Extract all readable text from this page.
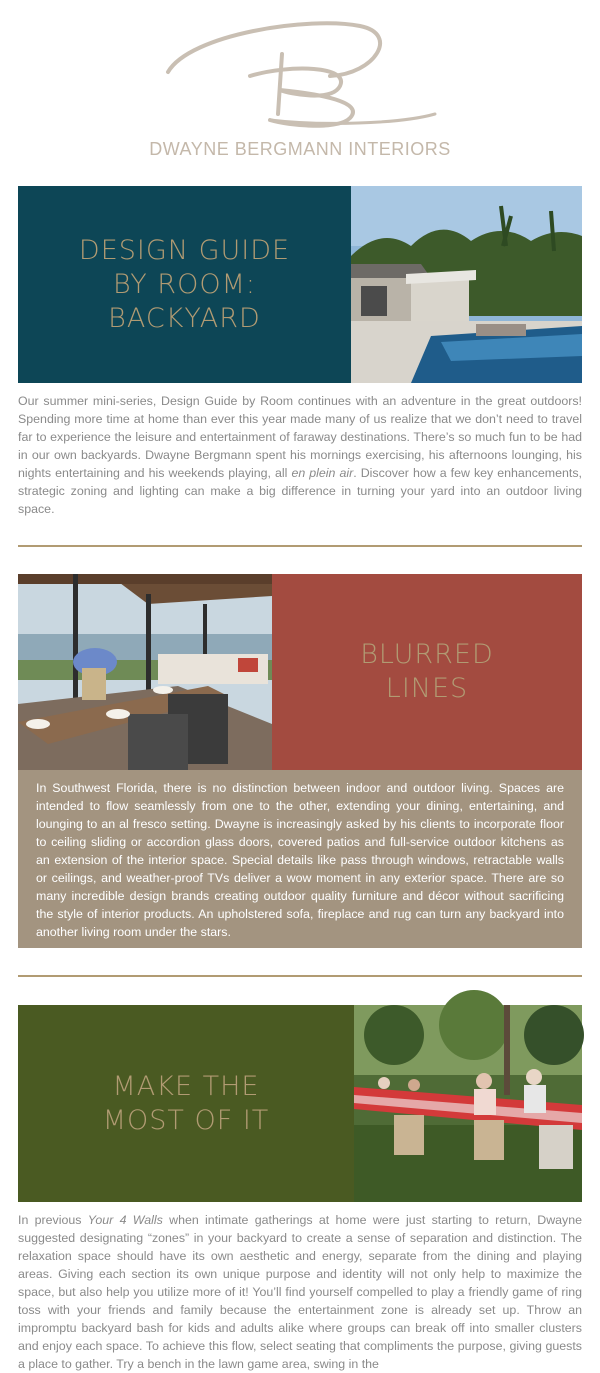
DWAYNE BERGMANN INTERIORS
DESIGN GUIDE
BY ROOM:
BACKYARD
Our summer mini-series, Design Guide by Room continues with an adventure in the great outdoors! Spending more time at home than ever this year made many of us realize that we don’t need to travel far to experience the leisure and entertainment of faraway destinations. There’s so much fun to be had in our own backyards. Dwayne Bergmann spent his mornings exercising, his afternoons lounging, his nights entertaining and his weekends playing, all en plein air. Discover how a few key enhancements, strategic zoning and lighting can make a big difference in turning your yard into an outdoor living space.
BLURRED
LINES
In Southwest Florida, there is no distinction between indoor and outdoor living. Spaces are intended to flow seamlessly from one to the other, extending your dining, entertaining, and lounging to an al fresco setting. Dwayne is increasingly asked by his clients to incorporate floor to ceiling sliding or accordion glass doors, covered patios and full-service outdoor kitchens as an extension of the interior space. Special details like pass through windows, retractable walls or ceilings, and weather-proof TVs deliver a wow moment in any exterior space. There are so many incredible design brands creating outdoor quality furniture and décor without sacrificing the style of interior products. An upholstered sofa, fireplace and rug can turn any backyard into another living room under the stars.
MAKE THE
MOST OF IT
In previous Your 4 Walls when intimate gatherings at home were just starting to return, Dwayne suggested designating “zones” in your backyard to create a sense of separation and distinction. The relaxation space should have its own aesthetic and energy, separate from the dining and playing areas. Giving each section its own unique purpose and identity will not only help to maximize the space, but also help you utilize more of it! You’ll find yourself compelled to play a friendly game of ring toss with your friends and family because the entertainment zone is already set up. Throw an impromptu backyard bash for kids and adults alike where groups can break off into smaller clusters and enjoy each space. To achieve this flow, select seating that compliments the purpose, giving guests a place to gather. Try a bench in the lawn game area, swing in the
